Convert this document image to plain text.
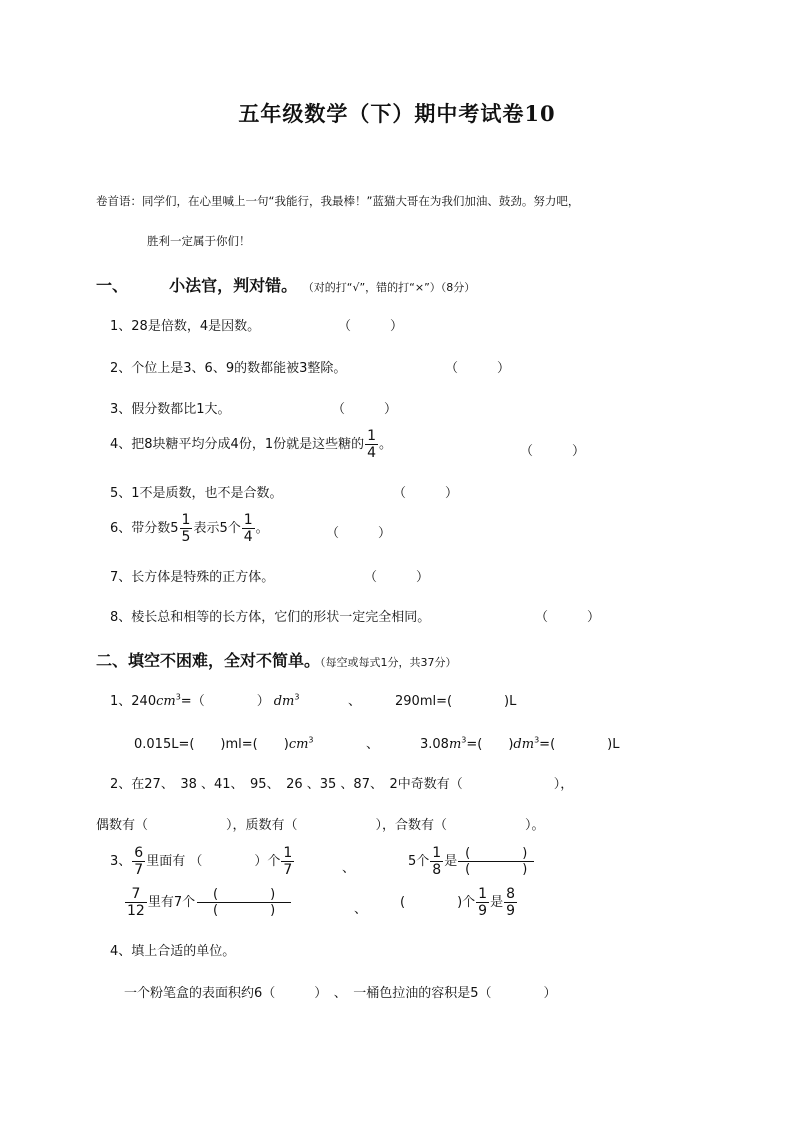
五年级数学（下）期中考试卷10
卷首语：同学们，在心里喊上一句“我能行，我最棒！”蓝猫大哥在为我们加油、鼓劲。努力吧，
胜利一定属于你们！
一、	小法官，判对错。 （对的打“√”，错的打“×”）（8分）
1、28是倍数，4是因数。	（　　　）
2、个位上是3、6、9的数都能被3整除。	（　　　）
3、假分数都比1大。	（　　　）
4、把8块糖平均分成4份，1份就是这些糖的 $\frac{1}{4}$ 。	（　　　）
5、1不是质数，也不是合数。	（　　　）
6、带分数$5 \frac{1}{5}$ 表示5个 $\frac{1}{4}$ 。	（　　　）
7、长方体是特殊的正方体。	（　　　）
8、棱长总和相等的长方体，它们的形状一定完全相同。	（　　　）
二、填空不困难，全对不简单。（每空或每式1分，共37分）
1、$240cm^3=$（　　　　） $dm^3$	、	290ml=(　　　　)L
0.015L=(　　)ml=(　　)$cm^3$	、	$3.08m^3=$(　　)$dm^3=$(　　　　)L
2、在27、　38 、41、　95、　26 、35 、87、　2中奇数有（　　　　　　　），
偶数有（　　　　　　），质数有（　　　　　　），合数有（　　　　　　）。
3、 $\frac{6}{7}$ 里面有 （　　　　）个 $\frac{1}{7}$	、	5个 $\frac{1}{8}$ 是 $\frac{( )}{( )}$
$\frac{7}{12}$ 里有7个 $\frac{( )}{( )}$	、	(　　　　)个 $\frac{1}{9}$ 是 $\frac{8}{9}$
4、填上合适的单位。
一个粉笔盒的表面积约6（　　　）　、　一桶色拉油的容积是5（　　　　）
